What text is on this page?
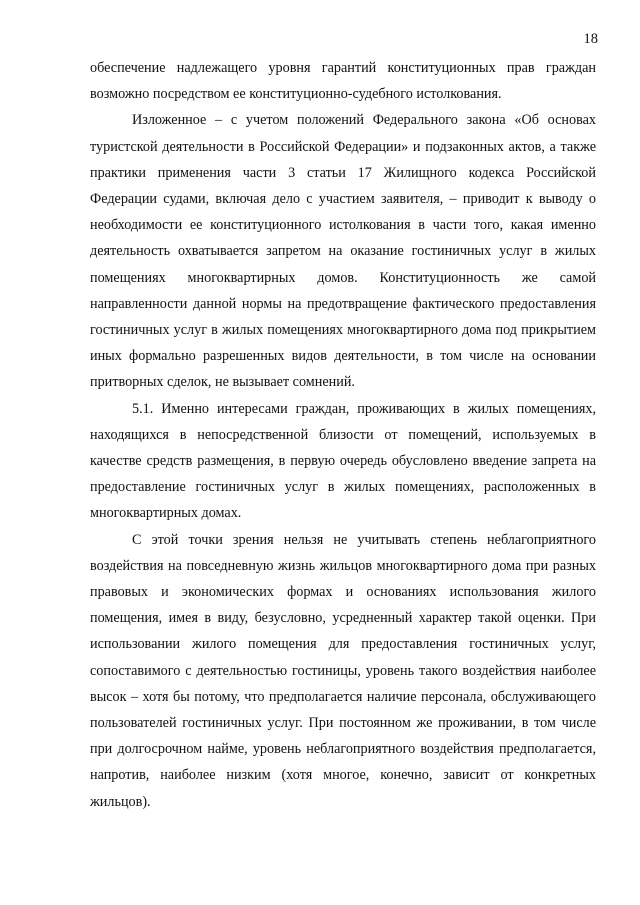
18

обеспечение надлежащего уровня гарантий конституционных прав граждан возможно посредством ее конституционно-судебного истолкования.

Изложенное – с учетом положений Федерального закона «Об основах туристской деятельности в Российской Федерации» и подзаконных актов, а также практики применения части 3 статьи 17 Жилищного кодекса Российской Федерации судами, включая дело с участием заявителя, – приводит к выводу о необходимости ее конституционного истолкования в части того, какая именно деятельность охватывается запретом на оказание гостиничных услуг в жилых помещениях многоквартирных домов. Конституционность же самой направленности данной нормы на предотвращение фактического предоставления гостиничных услуг в жилых помещениях многоквартирного дома под прикрытием иных формально разрешенных видов деятельности, в том числе на основании притворных сделок, не вызывает сомнений.

5.1. Именно интересами граждан, проживающих в жилых помещениях, находящихся в непосредственной близости от помещений, используемых в качестве средств размещения, в первую очередь обусловлено введение запрета на предоставление гостиничных услуг в жилых помещениях, расположенных в многоквартирных домах.

С этой точки зрения нельзя не учитывать степень неблагоприятного воздействия на повседневную жизнь жильцов многоквартирного дома при разных правовых и экономических формах и основаниях использования жилого помещения, имея в виду, безусловно, усредненный характер такой оценки. При использовании жилого помещения для предоставления гостиничных услуг, сопоставимого с деятельностью гостиницы, уровень такого воздействия наиболее высок – хотя бы потому, что предполагается наличие персонала, обслуживающего пользователей гостиничных услуг. При постоянном же проживании, в том числе при долгосрочном найме, уровень неблагоприятного воздействия предполагается, напротив, наиболее низким (хотя многое, конечно, зависит от конкретных жильцов).
